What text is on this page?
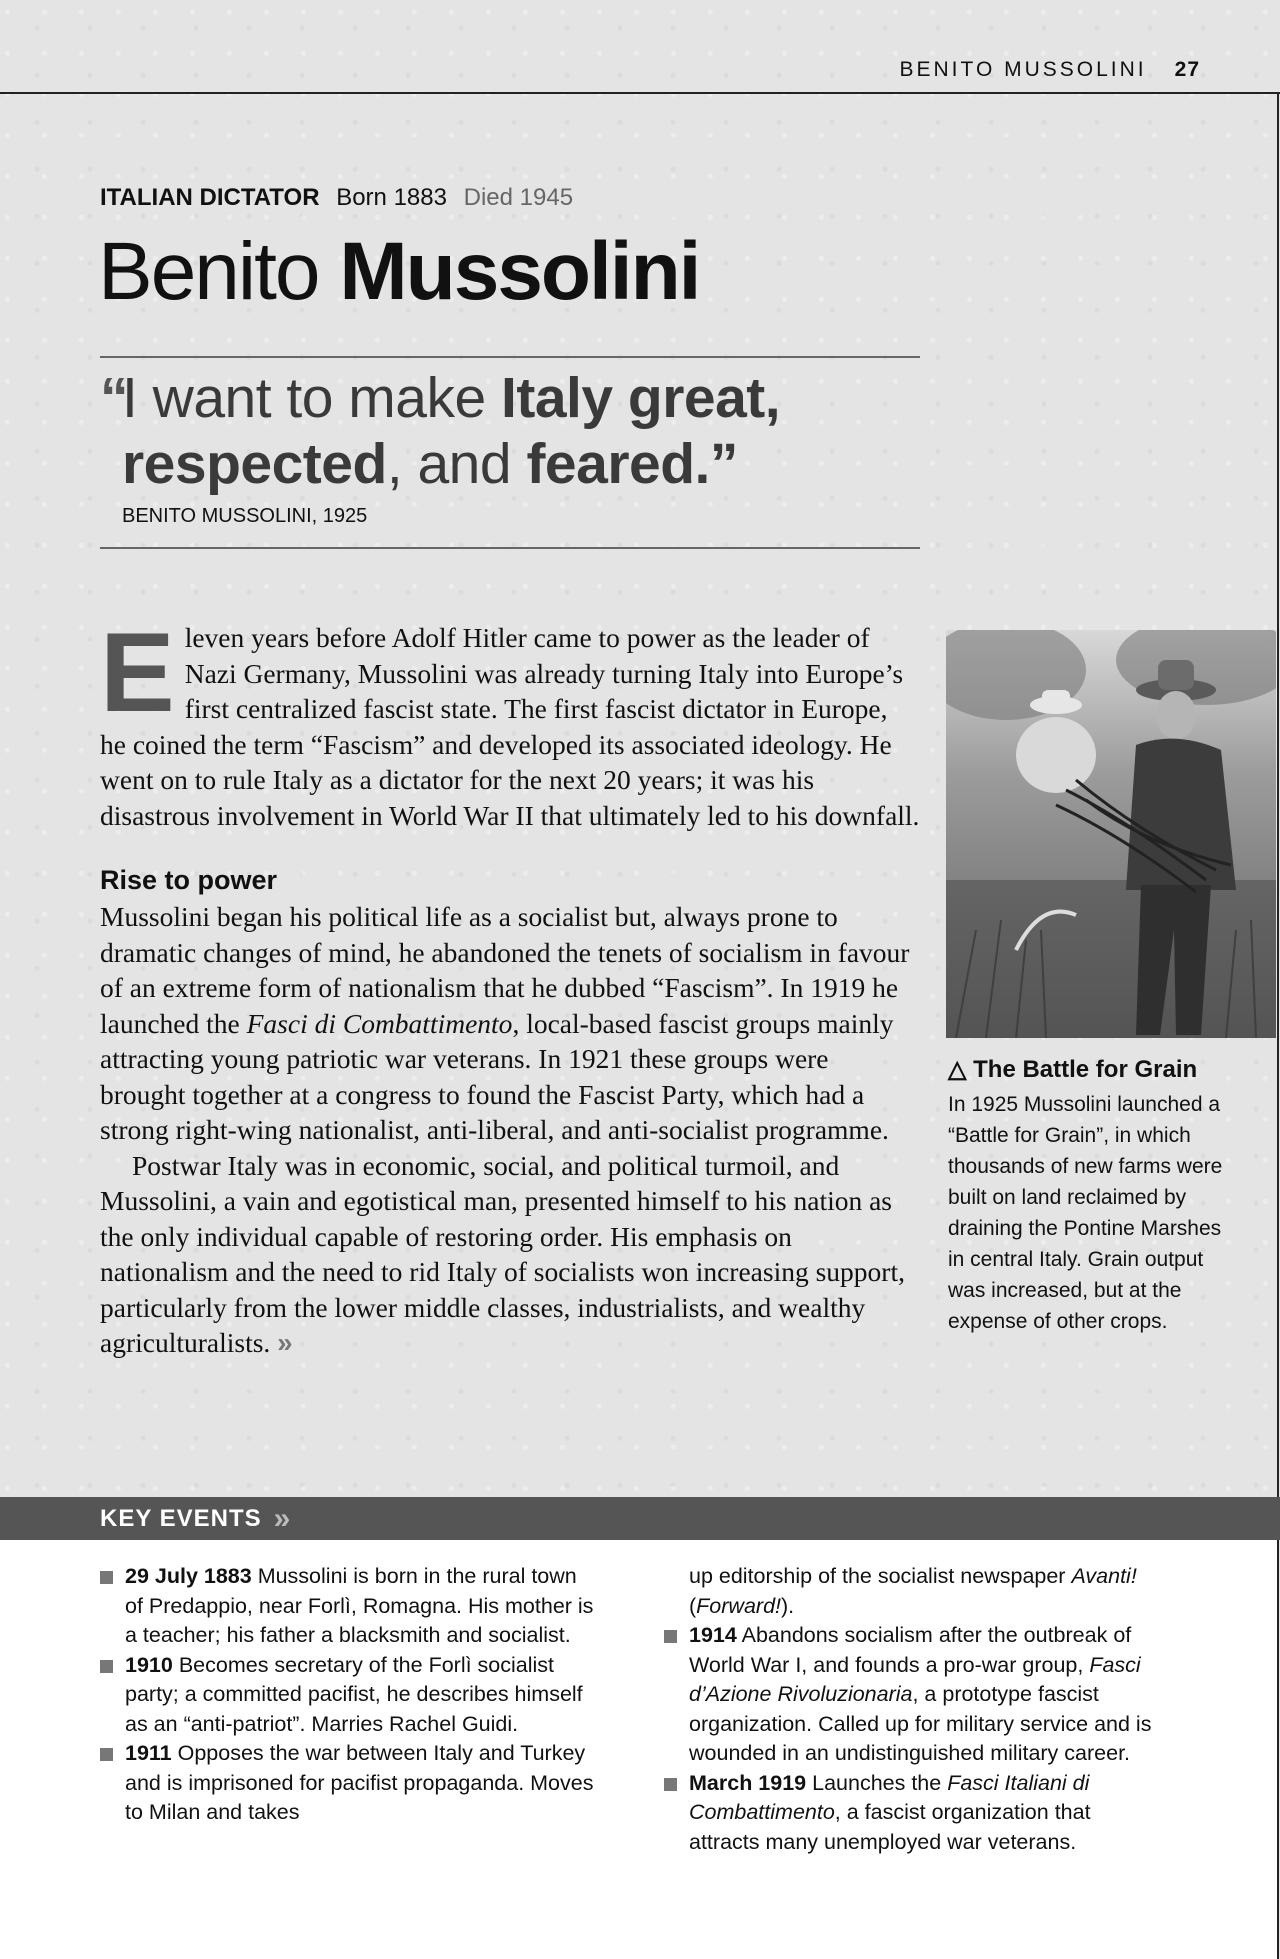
BENITO MUSSOLINI 27
ITALIAN DICTATOR Born 1883 Died 1945
Benito Mussolini
“
I want to make Italy great,
respected, and feared.”
BENITO MUSSOLINI, 1925

Eleven years before Adolf Hitler came to power as the leader of Nazi Germany, Mussolini was already turning Italy into Europe’s first centralized fascist state. The first fascist dictator in Europe, he coined the term “Fascism” and developed its associated ideology. He went on to rule Italy as a dictator for the next 20 years; it was his disastrous involvement in World War II that ultimately led to his downfall.

Rise to power

Mussolini began his political life as a socialist but, always prone to dramatic changes of mind, he abandoned the tenets of socialism in favour of an extreme form of nationalism that he dubbed “Fascism”. In 1919 he launched the Fasci di Combattimento, local-based fascist groups mainly attracting young patriotic war veterans. In 1921 these groups were brought together at a congress to found the Fascist Party, which had a strong right-wing nationalist, anti-liberal, and anti-socialist programme.

Postwar Italy was in economic, social, and political turmoil, and Mussolini, a vain and egotistical man, presented himself to his nation as the only individual capable of restoring order. His emphasis on nationalism and the need to rid Italy of socialists won increasing support, particularly from the lower middle classes, industrialists, and wealthy agriculturalists. »

△ The Battle for Grain
In 1925 Mussolini launched a “Battle for Grain”, in which thousands of new farms were built on land reclaimed by draining the Pontine Marshes in central Italy. Grain output was increased, but at the expense of other crops.
KEY EVENTS »
29 July 1883 Mussolini is born in the rural town of Predappio, near Forlì, Romagna. His mother is a teacher; his father a blacksmith and socialist.
1910 Becomes secretary of the Forlì socialist party; a committed pacifist, he describes himself as an “anti-patriot”. Marries Rachel Guidi.
1911 Opposes the war between Italy and Turkey and is imprisoned for pacifist propaganda. Moves to Milan and takes
up editorship of the socialist newspaper Avanti! (Forward!).
1914 Abandons socialism after the outbreak of World War I, and founds a pro-war group, Fasci d’Azione Rivoluzionaria, a prototype fascist organization. Called up for military service and is wounded in an undistinguished military career.
March 1919 Launches the Fasci Italiani di Combattimento, a fascist organization that attracts many unemployed war veterans.
